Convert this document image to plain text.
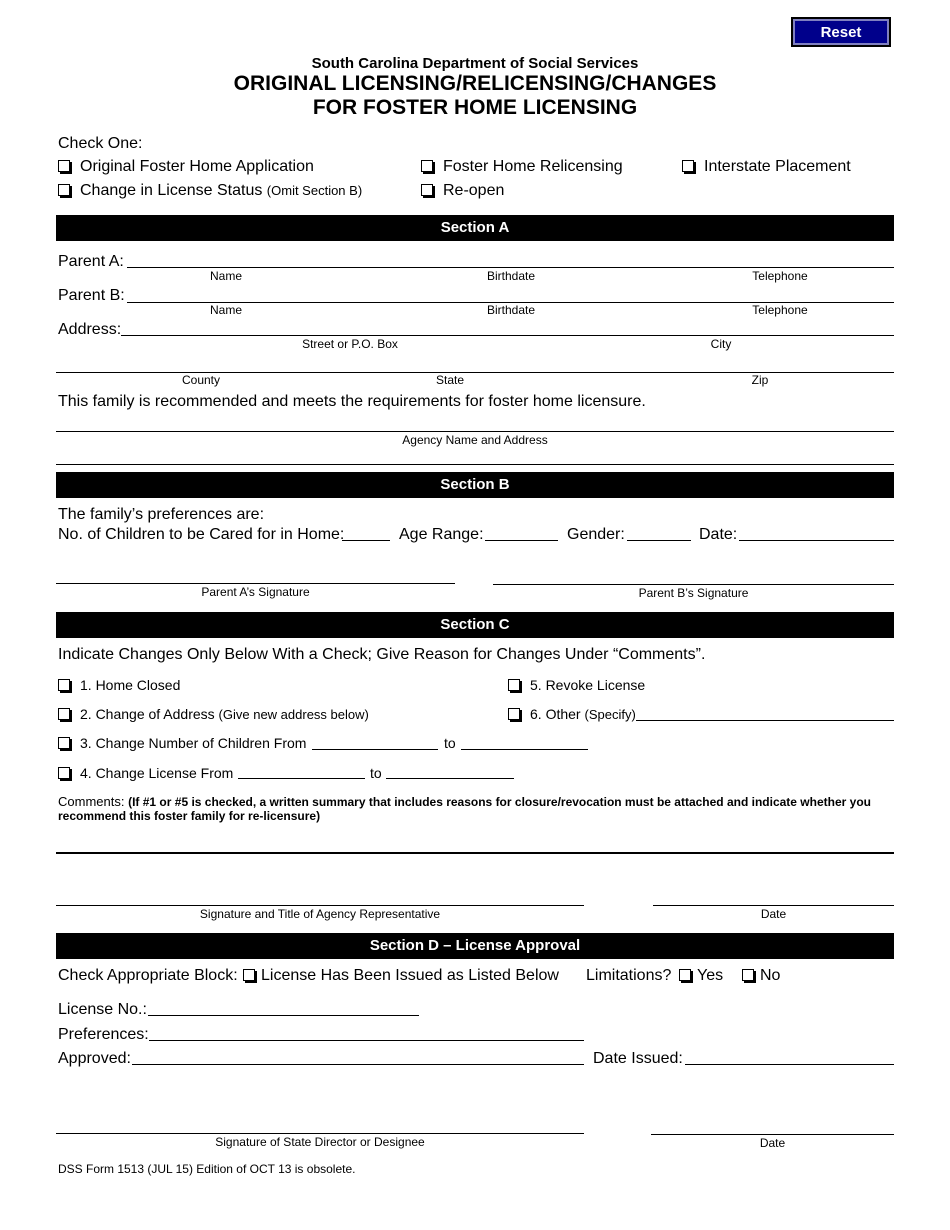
Reset
South Carolina Department of Social Services
ORIGINAL LICENSING/RELICENSING/CHANGES
FOR FOSTER HOME LICENSING
Check One:
Original Foster Home Application	Foster Home Relicensing	Interstate Placement
Change in License Status (Omit Section B)	Re-open
Section A
Parent A:
Name	Birthdate	Telephone
Parent B:
Name	Birthdate	Telephone
Address:
Street or P.O. Box	City
County	State	Zip
This family is recommended and meets the requirements for foster home licensure.
Agency Name and Address
Section B
The family’s preferences are:
No. of Children to be Cared for in Home:	Age Range:	Gender:	Date:
Parent A’s Signature	Parent B’s Signature
Section C
Indicate Changes Only Below With a Check; Give Reason for Changes Under “Comments”.
1. Home Closed	5. Revoke License
2. Change of Address (Give new address below)	6. Other (Specify)
3. Change Number of Children From	to
4. Change License From	to
Comments: (If #1 or #5 is checked, a written summary that includes reasons for closure/revocation must be attached and indicate whether you recommend this foster family for re-licensure)
Signature and Title of Agency Representative	Date
Section D – License Approval
Check Appropriate Block:	License Has Been Issued as Listed Below Limitations?	Yes	No
License No.:
Preferences:
Approved:	Date Issued:
Signature of State Director or Designee	Date
DSS Form 1513 (JUL 15) Edition of OCT 13 is obsolete.
